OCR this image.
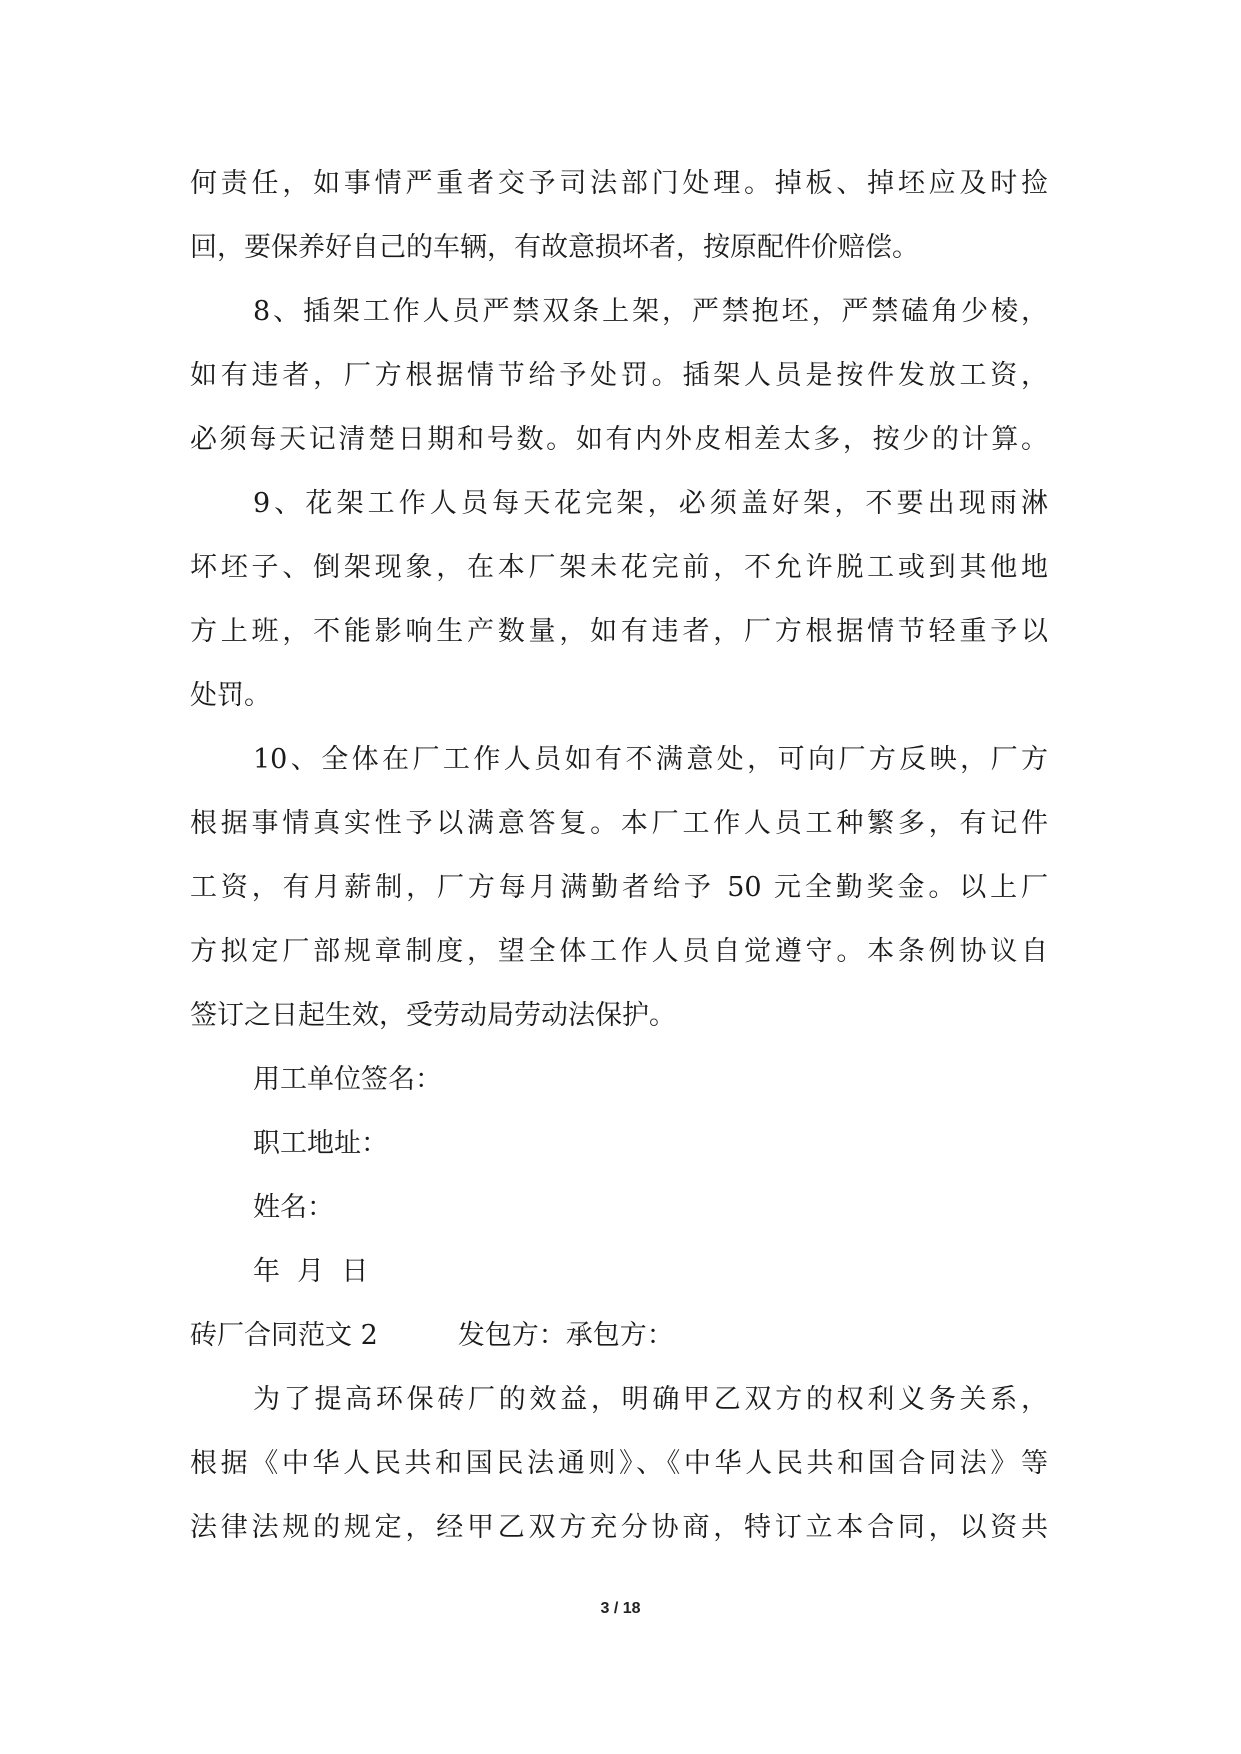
何责任，如事情严重者交予司法部门处理。掉板、掉坯应及时捡
回，要保养好自己的车辆，有故意损坏者，按原配件价赔偿。
8、插架工作人员严禁双条上架，严禁抱坯，严禁磕角少棱，
如有违者，厂方根据情节给予处罚。插架人员是按件发放工资，
必须每天记清楚日期和号数。如有内外皮相差太多，按少的计算。
9、花架工作人员每天花完架，必须盖好架，不要出现雨淋
坏坯子、倒架现象，在本厂架未花完前，不允许脱工或到其他地
方上班，不能影响生产数量，如有违者，厂方根据情节轻重予以
处罚。
10、全体在厂工作人员如有不满意处，可向厂方反映，厂方
根据事情真实性予以满意答复。本厂工作人员工种繁多，有记件
工资，有月薪制，厂方每月满勤者给予 50 元全勤奖金。以上厂
方拟定厂部规章制度，望全体工作人员自觉遵守。本条例协议自
签订之日起生效，受劳动局劳动法保护。
用工单位签名：
职工地址：
姓名：
年  月  日
砖厂合同范文 2	发包方：承包方：
为了提高环保砖厂的效益，明确甲乙双方的权利义务关系，
根据《中华人民共和国民法通则》、《中华人民共和国合同法》等
法律法规的规定，经甲乙双方充分协商，特订立本合同，以资共
3 / 18
